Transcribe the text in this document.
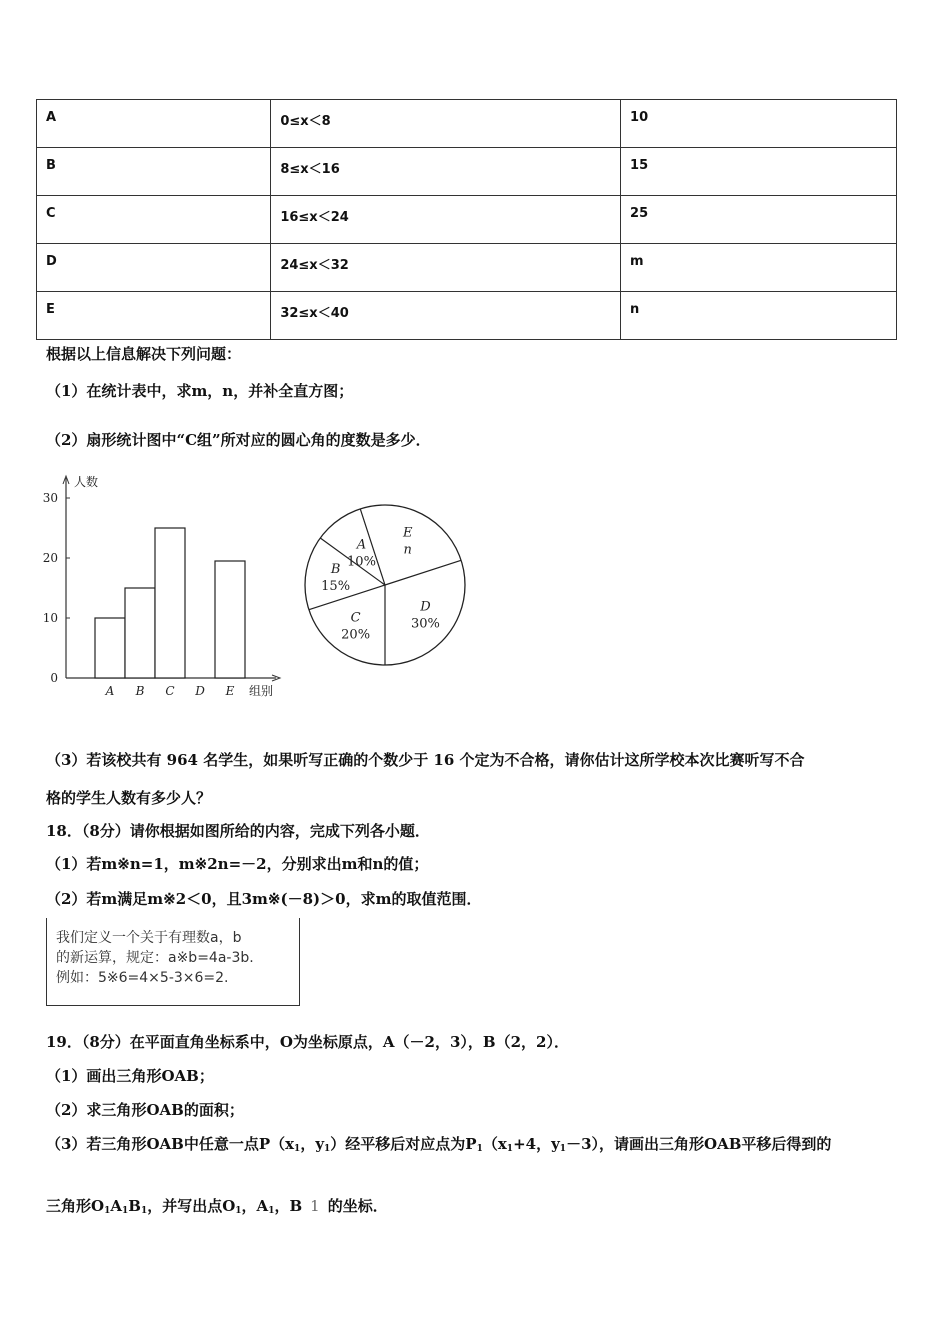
A	0≤x＜8	10

B	8≤x＜16	15

C	16≤x＜24	25

D	24≤x＜32	m

E	32≤x＜40	n
根据以上信息解决下列问题：
（1）在统计表中，求m，n，并补全直方图；
（2）扇形统计图中“C组”所对应的圆心角的度数是多少．
0
10
20
30
人数
A B C D E 组别
B
15%
A
10%
E
n
D
30%
C
20%
（3）若该校共有 964 名学生，如果听写正确的个数少于 16 个定为不合格，请你估计这所学校本次比赛听写不合
格的学生人数有多少人？
18．（8分）请你根据如图所给的内容，完成下列各小题．
（1）若m※n=1，m※2n=－2，分别求出m和n的值；
（2）若m满足m※2＜0，且3m※(－8)＞0，求m的取值范围．
我们定义一个关于有理数a，b
的新运算，规定：a※b=4a-3b.
例如：5※6=4×5-3×6=2.
19．（8分）在平面直角坐标系中，O为坐标原点，A（－2，3），B（2，2）．
（1）画出三角形OAB；
（2）求三角形OAB的面积；
（3）若三角形OAB中任意一点$P(x_1$，$y_1$）经平移后对应点为$P_1(x_1+4$，$y_1-3$），请画出三角形OAB平移后得到的
三角形$O_1A_1B_1$，并写出点$O_1$，$A_1$，B 1 的坐标．
